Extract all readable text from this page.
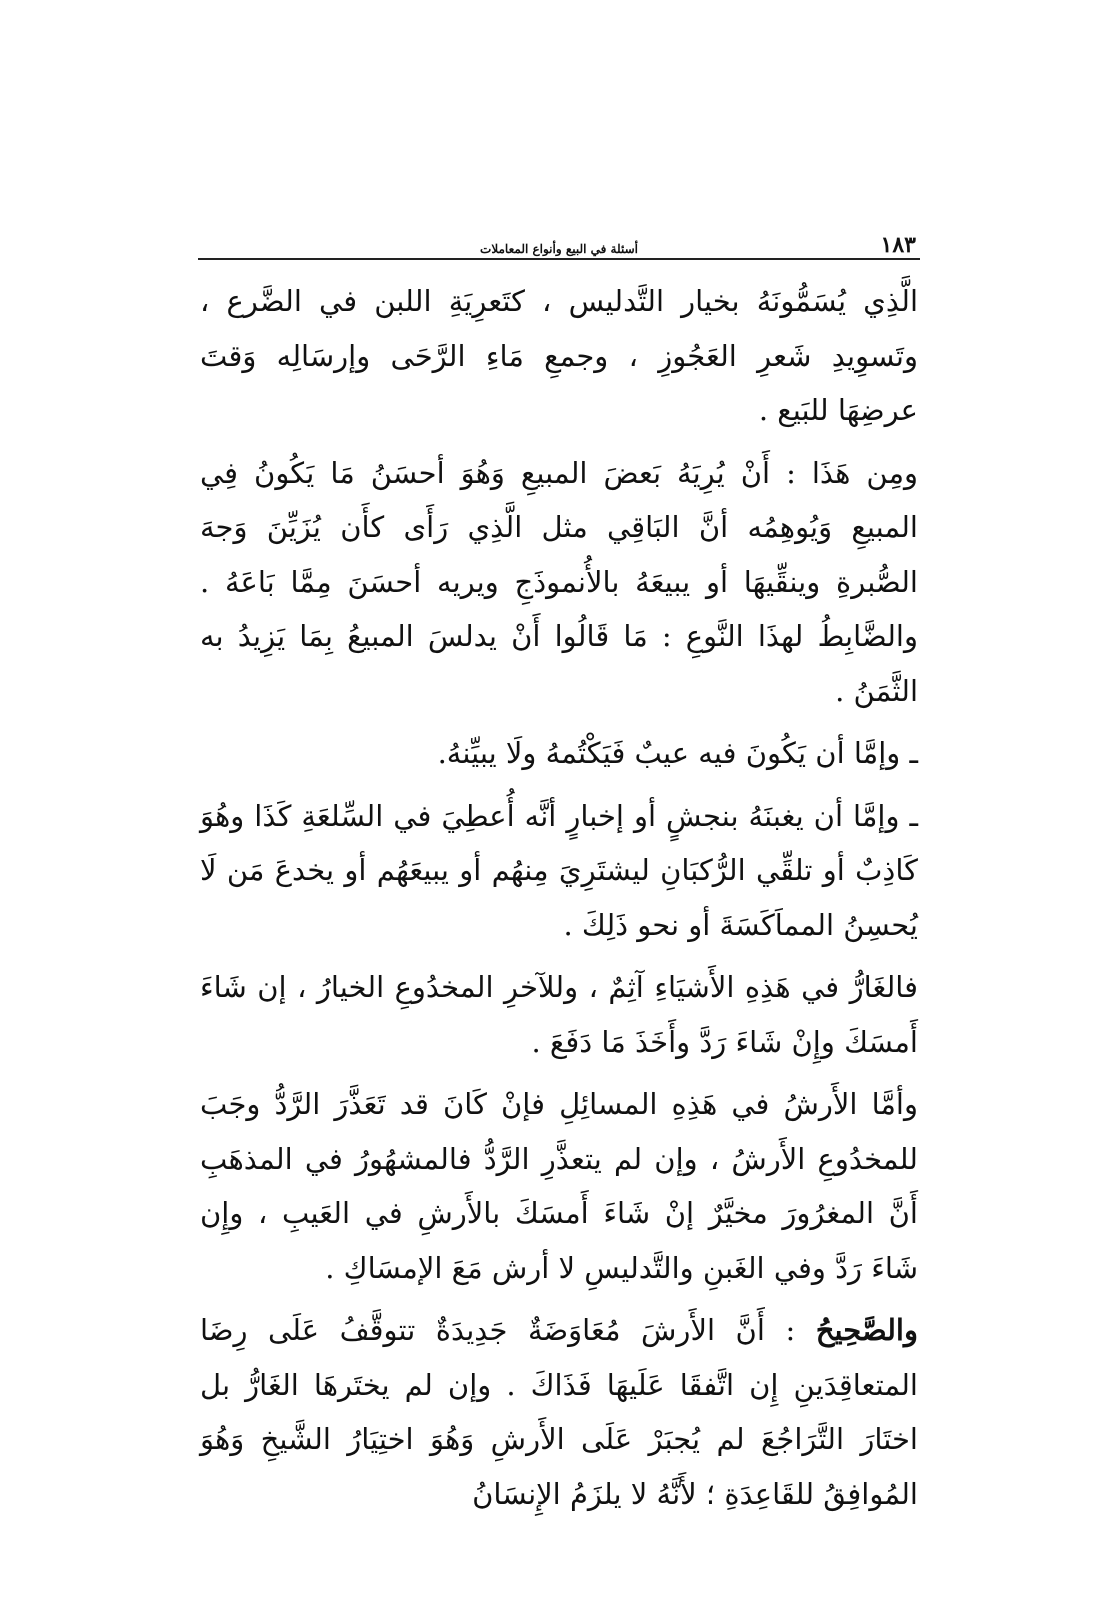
١٨٣
أسئلة في البيع وأنواع المعاملات

الَّذِي يُسَمُّونَهُ بخيار التَّدليس ، كتَعرِيَةِ اللبن في الضَّرع ، وتَسوِيدِ شَعرِ العَجُوزِ ، وجمعِ مَاءِ الرَّحَى وإرسَالِه وَقتَ عرضِهَا للبَيع .

ومِن هَذَا : أَنْ يُرِيَهُ بَعضَ المبيعِ وَهُوَ أحسَنُ مَا يَكُونُ فِي المبيعِ وَيُوهِمُه أنَّ البَاقِي مثل الَّذِي رَأَى كأَن يُزَيِّنَ وَجهَ الصُّبرةِ وينقِّيهَا أو يبيعَهُ بالأُنموذَجِ ويريه أحسَنَ مِمَّا بَاعَهُ . والضَّابِطُ لهذَا النَّوعِ : مَا قَالُوا أَنْ يدلسَ المبيعُ بِمَا يَزِيدُ به الثَّمَنُ .

ـ وإمَّا أن يَكُونَ فيه عيبٌ فَيَكْتُمهُ ولَا يبيِّنهُ.

ـ وإمَّا أن يغبنَهُ بنجشٍ أو إخبارٍ أنَّه أُعطِيَ في السِّلعَةِ كَذَا وهُوَ كَاذِبٌ أو تلقِّي الرُّكبَانِ ليشتَرِيَ مِنهُم أو يبيعَهُم أو يخدعَ مَن لَا يُحسِنُ المماَكَسَةَ أو نحو ذَلِكَ .

فالغَارُّ في هَذِهِ الأَشيَاءِ آثِمٌ ، وللآخرِ المخدُوعِ الخيارُ ، إن شَاءَ أَمسَكَ وإِنْ شَاءَ رَدَّ وأَخَذَ مَا دَفَعَ .

وأمَّا الأَرشُ في هَذِهِ المسائِلِ فإنْ كَانَ قد تَعَذَّرَ الرَّدُّ وجَبَ للمخدُوعِ الأَرشُ ، وإن لم يتعذَّرِ الرَّدُّ فالمشهُورُ في المذهَبِ أَنَّ المغرُورَ مخيَّرٌ إنْ شَاءَ أَمسَكَ بالأَرشِ في العَيبِ ، وإِن شَاءَ رَدَّ وفي الغَبنِ والتَّدليسِ لا أرش مَعَ الإمسَاكِ .

والصَّحِيحُ : أَنَّ الأَرشَ مُعَاوَضَةٌ جَدِيدَةٌ تتوقَّفُ عَلَى رِضَا المتعاقِدَينِ إِن اتَّفقَا عَلَيهَا فَذَاكَ . وإن لم يختَرهَا الغَارُّ بل اختَارَ التَّرَاجُعَ لم يُجبَرْ عَلَى الأَرشِ وَهُوَ اختِيَارُ الشَّيخِ وَهُوَ المُوافِقُ للقَاعِدَةِ ؛ لأَنَّهُ لا يلزَمُ الإِنسَانُ
